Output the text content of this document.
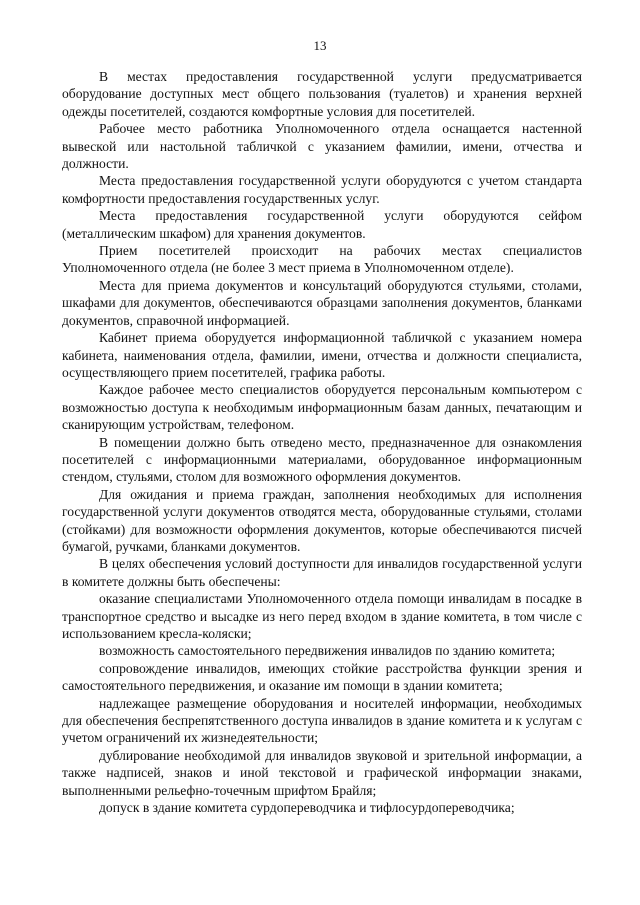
13

В местах предоставления государственной услуги предусматривается оборудование доступных мест общего пользования (туалетов) и хранения верхней одежды посетителей, создаются комфортные условия для посетителей.

Рабочее место работника Уполномоченного отдела оснащается настенной вывеской или настольной табличкой с указанием фамилии, имени, отчества и должности.

Места предоставления государственной услуги оборудуются с учетом стандарта комфортности предоставления государственных услуг.

Места предоставления государственной услуги оборудуются сейфом (металлическим шкафом) для хранения документов.

Прием посетителей происходит на рабочих местах специалистов Уполномоченного отдела (не более 3 мест приема в Уполномоченном отделе).

Места для приема документов и консультаций оборудуются стульями, столами, шкафами для документов, обеспечиваются образцами заполнения документов, бланками документов, справочной информацией.

Кабинет приема оборудуется информационной табличкой с указанием номера кабинета, наименования отдела, фамилии, имени, отчества и должности специалиста, осуществляющего прием посетителей, графика работы.

Каждое рабочее место специалистов оборудуется персональным компьютером с возможностью доступа к необходимым информационным базам данных, печатающим и сканирующим устройствам, телефоном.

В помещении должно быть отведено место, предназначенное для ознакомления посетителей с информационными материалами, оборудованное информационным стендом, стульями, столом для возможного оформления документов.

Для ожидания и приема граждан, заполнения необходимых для исполнения государственной услуги документов отводятся места, оборудованные стульями, столами (стойками) для возможности оформления документов, которые обеспечиваются писчей бумагой, ручками, бланками документов.

В целях обеспечения условий доступности для инвалидов государственной услуги в комитете должны быть обеспечены:

оказание специалистами Уполномоченного отдела помощи инвалидам в посадке в транспортное средство и высадке из него перед входом в здание комитета, в том числе с использованием кресла-коляски;

возможность самостоятельного передвижения инвалидов по зданию комитета;

сопровождение инвалидов, имеющих стойкие расстройства функции зрения и самостоятельного передвижения, и оказание им помощи в здании комитета;

надлежащее размещение оборудования и носителей информации, необходимых для обеспечения беспрепятственного доступа инвалидов в здание комитета и к услугам с учетом ограничений их жизнедеятельности;

дублирование необходимой для инвалидов звуковой и зрительной информации, а также надписей, знаков и иной текстовой и графической информации знаками, выполненными рельефно-точечным шрифтом Брайля;

допуск в здание комитета сурдопереводчика и тифлосурдопереводчика;
